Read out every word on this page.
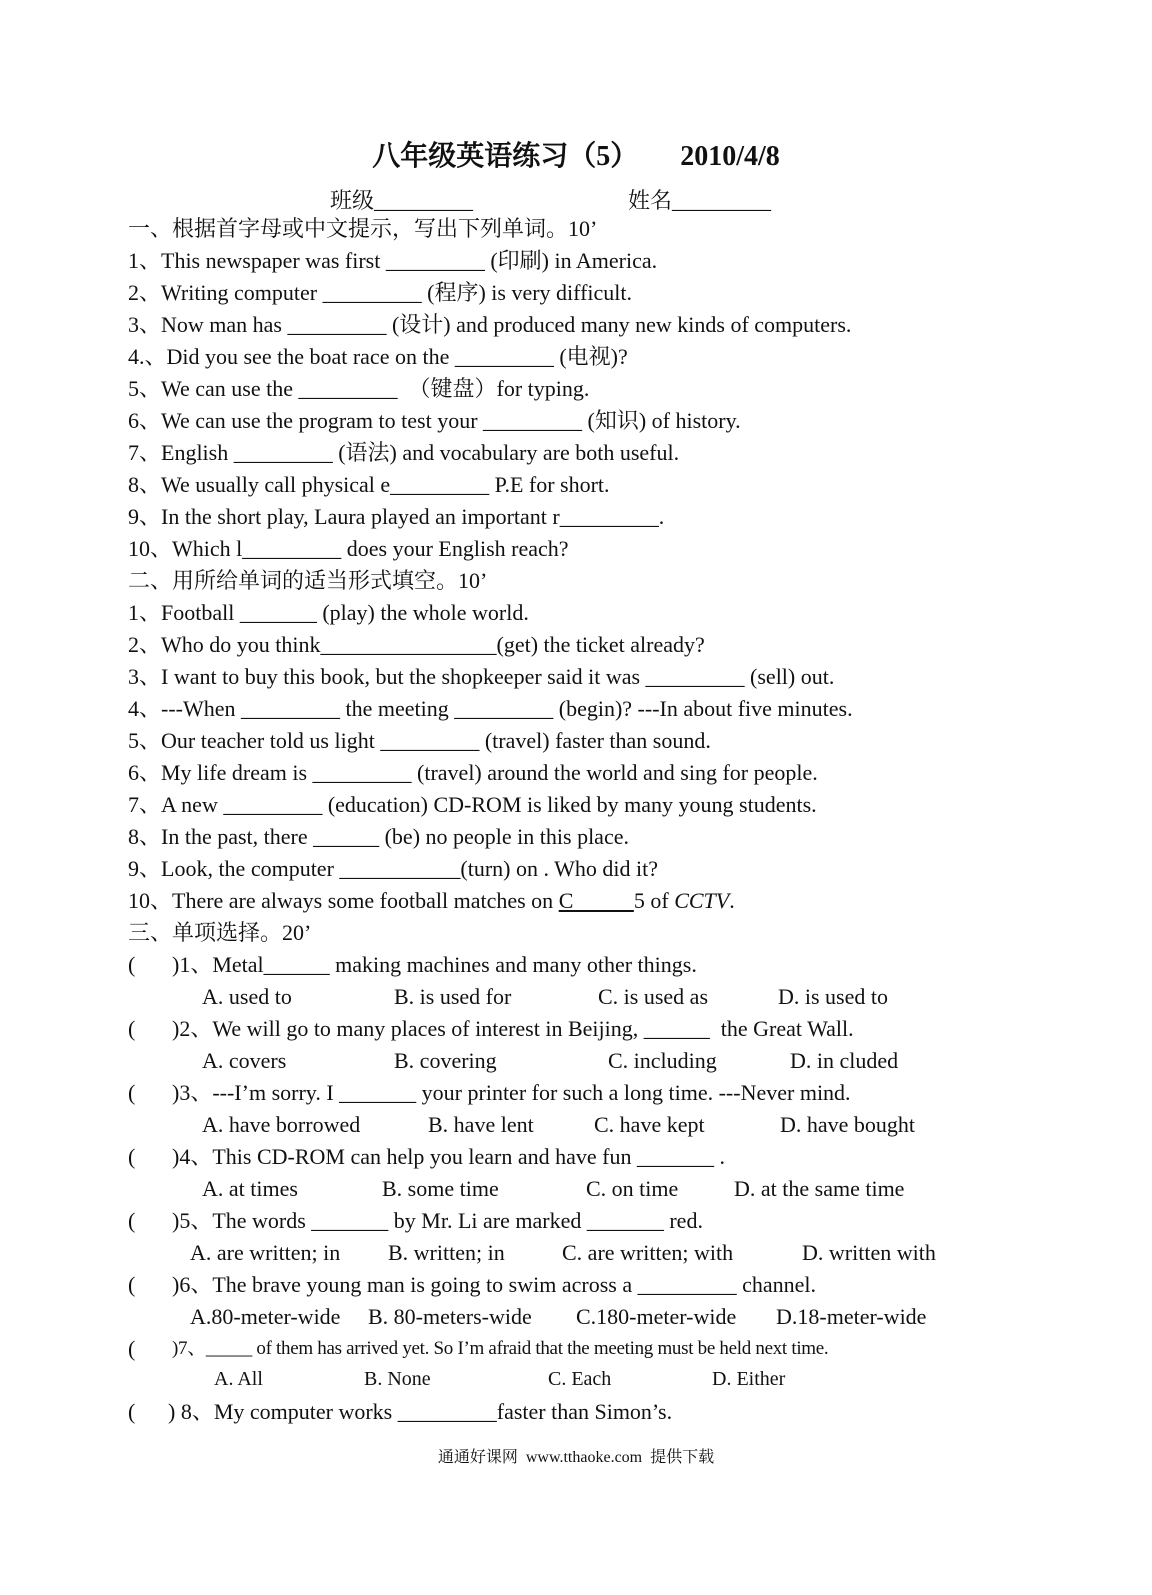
八年级英语练习（5）      2010/4/8
班级_________	姓名_________
一、根据首字母或中文提示，写出下列单词。10’
1、This newspaper was first _________ (印刷) in America.
2、Writing computer _________ (程序) is very difficult.
3、Now man has _________ (设计) and produced many new kinds of computers.
4.、Did you see the boat race on the _________ (电视)?
5、We can use the _________  （键盘）for typing.
6、We can use the program to test your _________ (知识) of history.
7、English _________ (语法) and vocabulary are both useful.
8、We usually call physical e_________ P.E for short.
9、In the short play, Laura played an important r_________.
10、Which l_________ does your English reach?
二、用所给单词的适当形式填空。10’
1、Football _______ (play) the whole world.
2、Who do you think________________(get) the ticket already?
3、I want to buy this book, but the shopkeeper said it was _________ (sell) out.
4、---When _________ the meeting _________ (begin)? ---In about five minutes.
5、Our teacher told us light _________ (travel) faster than sound.
6、My life dream is _________ (travel) around the world and sing for people.
7、A new _________ (education) CD-ROM is liked by many young students.
8、In the past, there ______ (be) no people in this place.
9、Look, the computer ___________(turn) on . Who did it?
10、There are always some football matches on C           5 of CCTV.
三、单项选择。20’
( )1、Metal______ making machines and many other things.
A. used to	B. is used for	C. is used as	D. is used to
( )2、We will go to many places of interest in Beijing, ______  the Great Wall.
A. covers	B. covering	C. including	D. in cluded
( )3、---I’m sorry. I _______ your printer for such a long time. ---Never mind.
A. have borrowed	B. have lent	C. have kept	D. have bought
( )4、This CD-ROM can help you learn and have fun _______ .
A. at times	B. some time	C. on time	D. at the same time
( )5、The words _______ by Mr. Li are marked _______ red.
A. are written; in B. written; in	C. are written; with	D. written with
( )6、The brave young man is going to swim across a _________ channel.
A.80-meter-wide B. 80-meters-wide C.180-meter-wide D.18-meter-wide
( )7、_____ of them has arrived yet. So I’m afraid that the meeting must be held next time.
A. All	B. None	C. Each	D. Either
( ) 8、My computer works _________faster than Simon’s.
通通好课网  www.tthaoke.com  提供下载
